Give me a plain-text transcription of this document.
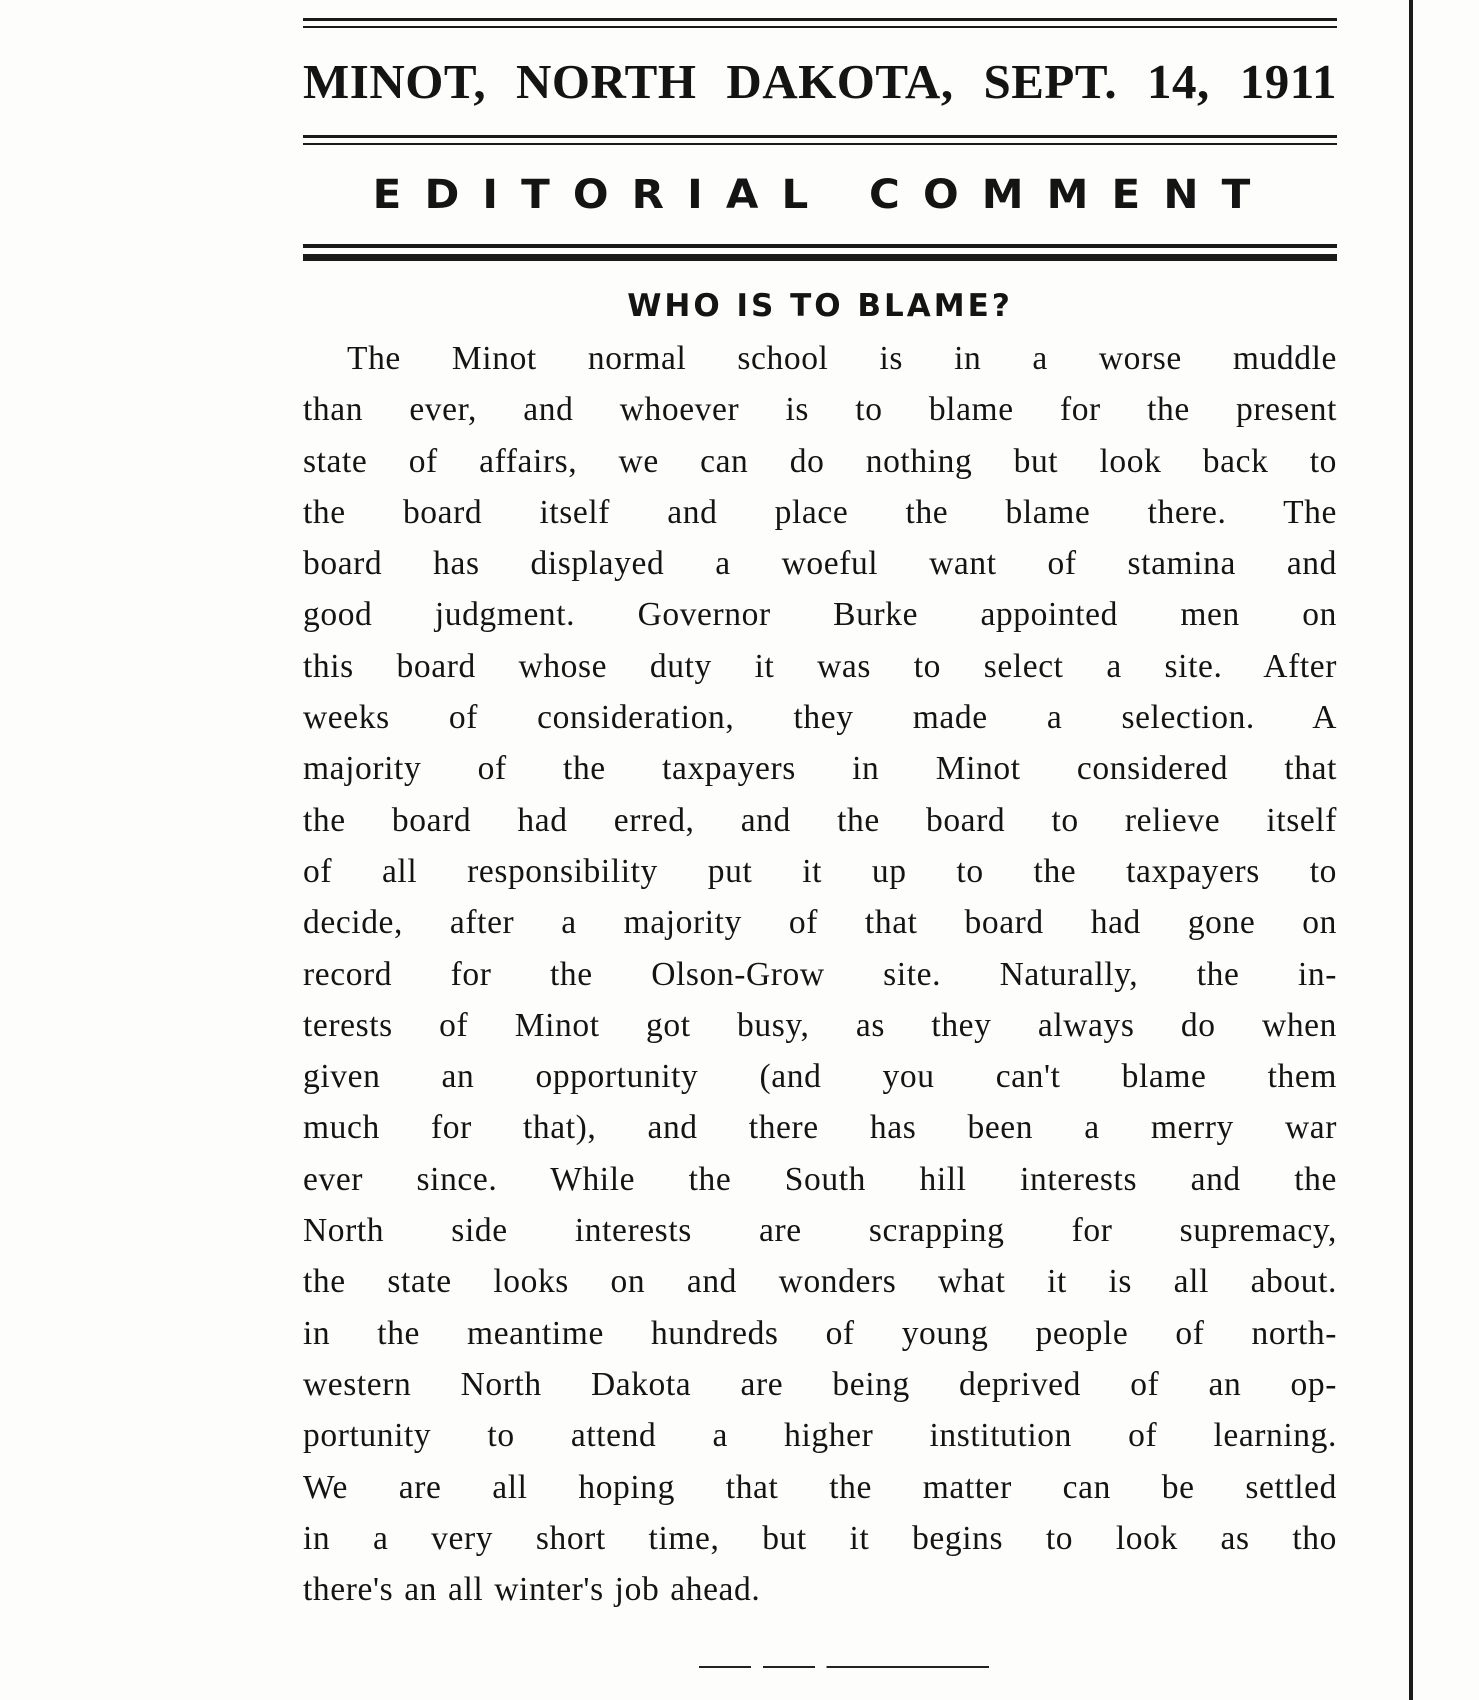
MINOT, NORTH DAKOTA, SEPT. 14, 1911
EDITORIAL COMMENT
WHO IS TO BLAME?
The Minot normal school is in a worse muddle
than ever, and whoever is to blame for the present
state of affairs, we can do nothing but look back to
the board itself and place the blame there. The
board has displayed a woeful want of stamina and
good judgment. Governor Burke appointed men on
this board whose duty it was to select a site. After
weeks of consideration, they made a selection. A
majority of the taxpayers in Minot considered that
the board had erred, and the board to relieve itself
of all responsibility put it up to the taxpayers to
decide, after a majority of that board had gone on
record for the Olson-Grow site. Naturally, the in-
terests of Minot got busy, as they always do when
given an opportunity (and you can't blame them
much for that), and there has been a merry war
ever since. While the South hill interests and the
North side interests are scrapping for supremacy,
the state looks on and wonders what it is all about.
in the meantime hundreds of young people of north-
western North Dakota are being deprived of an op-
portunity to attend a higher institution of learning.
We are all hoping that the matter can be settled
in a very short time, but it begins to look as tho
there's an all winter's job ahead.
